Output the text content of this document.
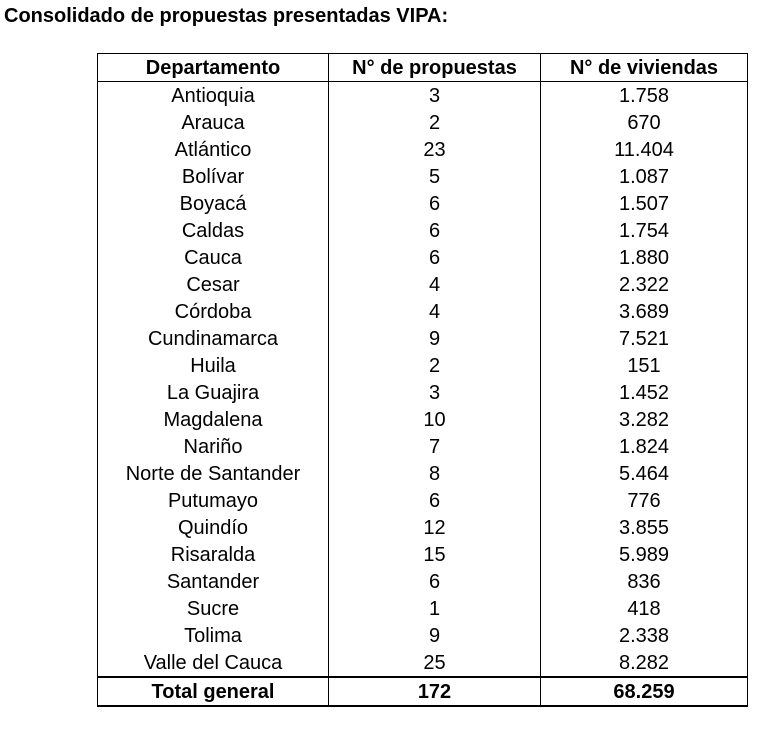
Consolidado de propuestas presentadas VIPA:
Departamento	N° de propuestas	N° de viviendas
Antioquia	3	1.758
Arauca	2	670
Atlántico	23	11.404
Bolívar	5	1.087
Boyacá	6	1.507
Caldas	6	1.754
Cauca	6	1.880
Cesar	4	2.322
Córdoba	4	3.689
Cundinamarca	9	7.521
Huila	2	151
La Guajira	3	1.452
Magdalena	10	3.282
Nariño	7	1.824
Norte de Santander	8	5.464
Putumayo	6	776
Quindío	12	3.855
Risaralda	15	5.989
Santander	6	836
Sucre	1	418
Tolima	9	2.338
Valle del Cauca	25	8.282
Total general	172	68.259
